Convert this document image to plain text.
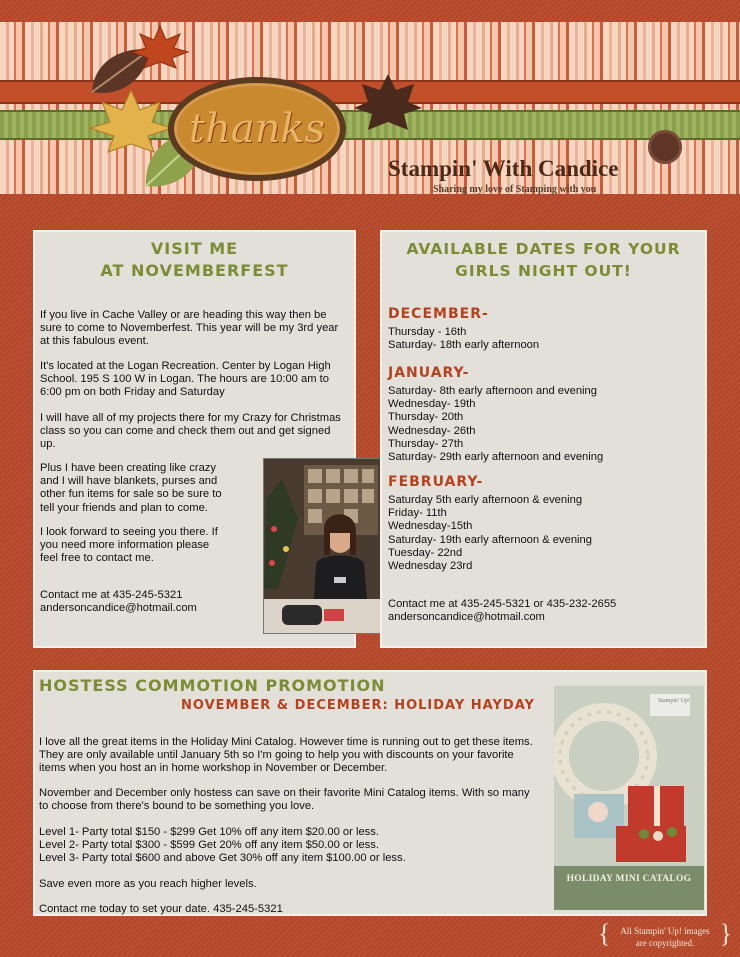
thanks
Stampin' With Candice
Sharing my love of Stamping with you
VISIT ME
AT NOVEMBERFEST

If you live in Cache Valley or are heading this way then be sure to come to Novemberfest. This year will be my 3rd year at this fabulous event.

It's located at the Logan Recreation. Center by Logan High School. 195 S 100 W in Logan. The hours are 10:00 am to 6:00 pm on both Friday and Saturday

I will have all of my projects there for my Crazy for Christmas class so you can come and check them out and get signed up.

Plus I have been creating like crazy and I will have blankets, purses and other fun items for sale so be sure to tell your friends and plan to come.

I look forward to seeing you there. If you need more information please feel free to contact me.

Contact me at 435-245-5321

andersoncandice@hotmail.com

AVAILABLE DATES FOR YOUR
GIRLS NIGHT OUT!
DECEMBER-

Thursday - 16th

Saturday- 18th early afternoon

JANUARY-

Saturday- 8th early afternoon and evening

Wednesday- 19th

Thursday- 20th

Wednesday- 26th

Thursday- 27th

Saturday- 29th early afternoon and evening

FEBRUARY-

Saturday 5th early afternoon & evening

Friday- 11th

Wednesday-15th

Saturday- 19th early afternoon & evening

Tuesday- 22nd

Wednesday 23rd

Contact me at 435-245-5321 or 435-232-2655

andersoncandice@hotmail.com

HOSTESS COMMOTION PROMOTION
NOVEMBER & DECEMBER: HOLIDAY HAYDAY

I love all the great items in the Holiday Mini Catalog. However time is running out to get these items. They are only available until January 5th so I'm going to help you with discounts on your favorite items when you host an in home workshop in November or December.

November and December only hostess can save on their favorite Mini Catalog items. With so many to choose from there's bound to be something you love.

Level 1- Party total $150 - $299 Get 10% off any item $20.00 or less.

Level 2- Party total $300 - $599 Get 20% off any item $50.00 or less.

Level 3- Party total $600 and above Get 30% off any item $100.00 or less.

Save even more as you reach higher levels.

Contact me today to set your date. 435-245-5321

Stampin' Up!
HOLIDAY MINI CATALOG
{	All Stampin' Up! images
are copyrighted. }
